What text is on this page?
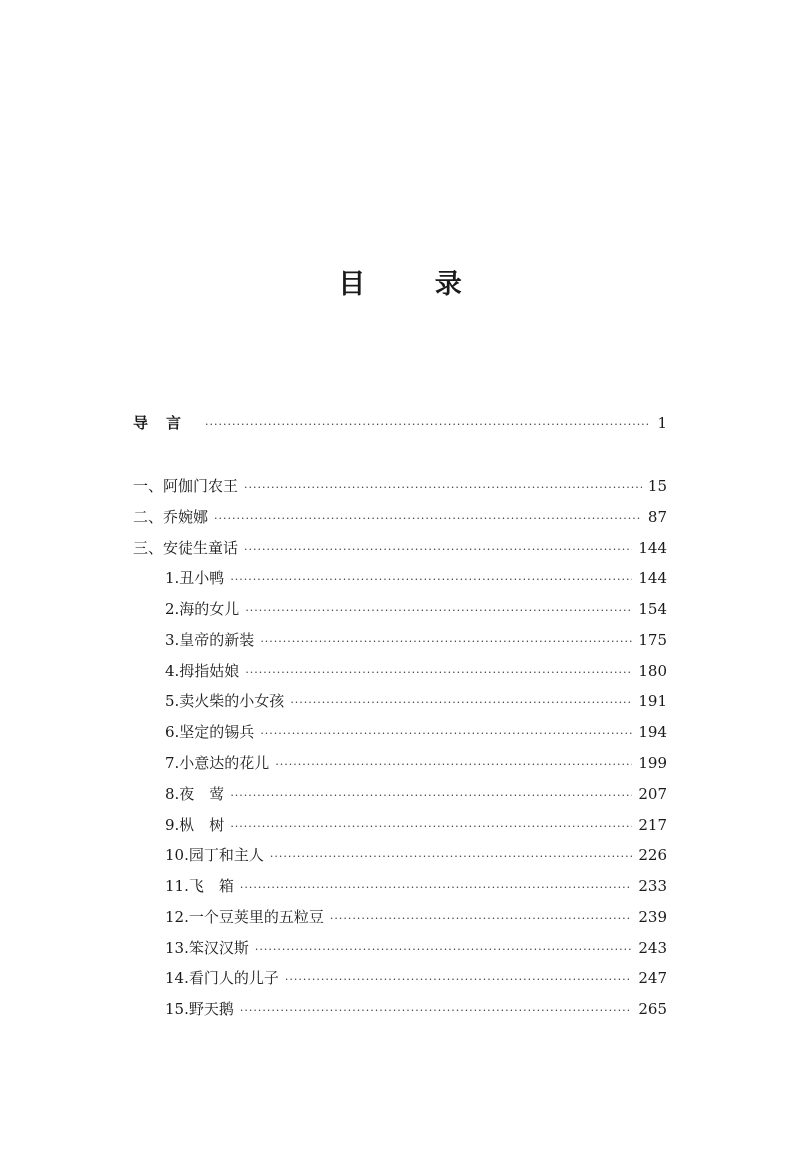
目 录
导言 ·····	1
一、阿伽门农王 ·····	15
二、乔婉娜 ·····	87
三、安徒生童话 ·····	144
1.丑小鸭 ·····	144
2.海的女儿 ·····	154
3.皇帝的新装 ·····	175
4.拇指姑娘 ·····	180
5.卖火柴的小女孩 ·····	191
6.坚定的锡兵 ·····	194
7.小意达的花儿 ·····	199
8.夜　莺 ·····	207
9.枞　树 ·····	217
10.园丁和主人 ·····	226
11.飞　箱 ·····	233
12.一个豆荚里的五粒豆 ·····	239
13.笨汉汉斯 ·····	243
14.看门人的儿子 ·····	247
15.野天鹅 ·····	265
